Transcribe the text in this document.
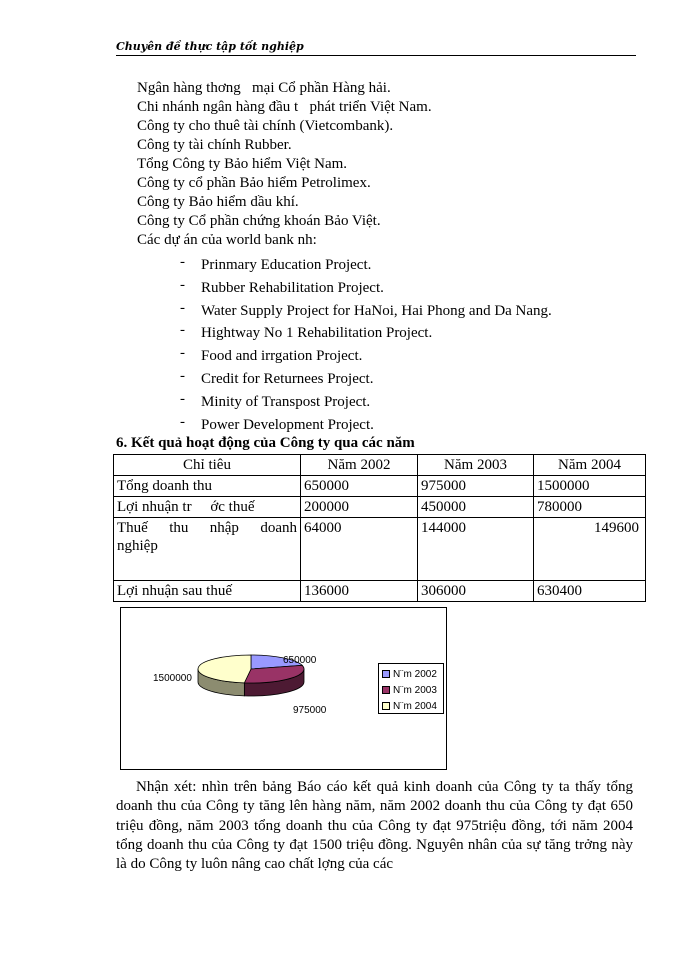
Chuyên đề thực tập tốt nghiệp
Ngân hàng thơng   mại Cổ phần Hàng hải.
Chi nhánh ngân hàng đầu t   phát triển Việt Nam.
Công ty cho thuê tài chính (Vietcombank).
Công ty tài chính Rubber.
Tổng Công ty Bảo hiểm Việt Nam.
Công ty cổ phần Bảo hiểm Petrolimex.
Công ty Bảo hiểm dầu khí.
Công ty Cổ phần chứng khoán Bảo Việt.
Các dự án của world bank nh:
- Prinmary Education Project.
- Rubber Rehabilitation Project.
- Water Supply Project for HaNoi, Hai Phong and Da Nang.
- Hightway No 1 Rehabilitation Project.
- Food and irrgation Project.
- Credit for Returnees Project.
- Minity of Transpost Project.
- Power Development Project.
6. Kết quả hoạt động của Công ty qua các năm
Chỉ tiêu	Năm 2002	Năm 2003	Năm 2004
Tổng doanh thu	650000	975000	1500000
Lợi nhuận tr     ớc thuế	200000	450000	780000
Thuế thu nhập doanh nghiệp	64000	144000	149600
Lợi nhuận sau thuế	136000	306000	630400
650000
975000
1500000	N¨m 2002
N¨m 2003
N¨m 2004
Nhận xét: nhìn trên bảng Báo cáo kết quả kinh doanh của Công ty ta thấy tổng doanh thu của Công ty tăng lên hàng năm, năm 2002 doanh thu của Công ty đạt 650 triệu đồng, năm 2003 tổng doanh thu của Công ty đạt 975triệu đồng, tới năm 2004 tổng doanh thu của Công ty đạt 1500 triệu đồng. Nguyên nhân của sự tăng trởng này là do Công ty luôn nâng cao chất lợng của các
